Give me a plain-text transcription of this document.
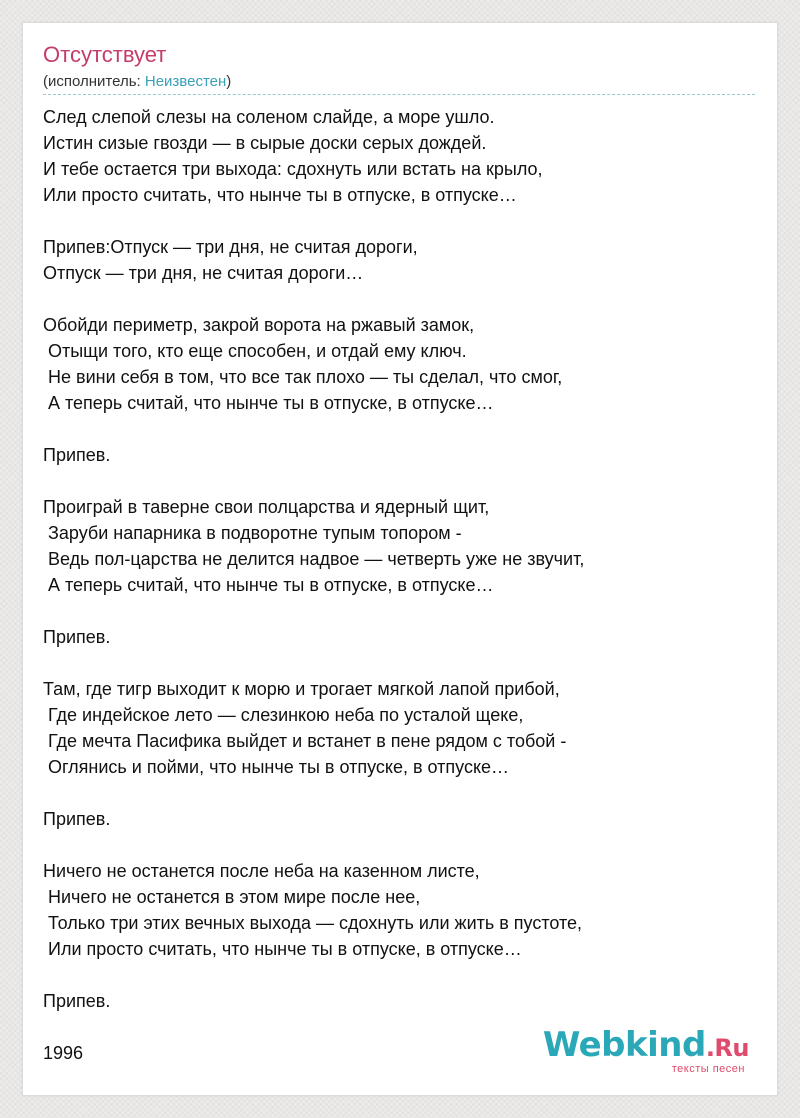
Отсутствует
(исполнитель: Неизвестен)
След слепой слезы на соленом слайде, а море ушло.
Истин сизые гвозди — в сырые доски серых дождей.
И тебе остается три выхода: сдохнуть или встать на крыло,
Или просто считать, что нынче ты в отпуске, в отпуске…
Припев:Отпуск — три дня, не считая дороги,
Отпуск — три дня, не считая дороги…
Обойди периметр, закрой ворота на ржавый замок,
Отыщи того, кто еще способен, и отдай ему ключ.
Не вини себя в том, что все так плохо — ты сделал, что смог,
А теперь считай, что нынче ты в отпуске, в отпуске…
Припев.
Проиграй в таверне свои полцарства и ядерный щит,
Заруби напарника в подворотне тупым топором -
Ведь пол-царства не делится надвое — четверть уже не звучит,
А теперь считай, что нынче ты в отпуске, в отпуске…
Припев.
Там, где тигр выходит к морю и трогает мягкой лапой прибой,
Где индейское лето — слезинкою неба по усталой щеке,
Где мечта Пасифика выйдет и встанет в пене рядом с тобой -
Оглянись и пойми, что нынче ты в отпуске, в отпуске…
Припев.
Ничего не останется после неба на казенном листе,
Ничего не останется в этом мире после нее,
Только три этих вечных выхода — сдохнуть или жить в пустоте,
Или просто считать, что нынче ты в отпуске, в отпуске…
Припев.
1996	Webkind.Ru
тексты песен
